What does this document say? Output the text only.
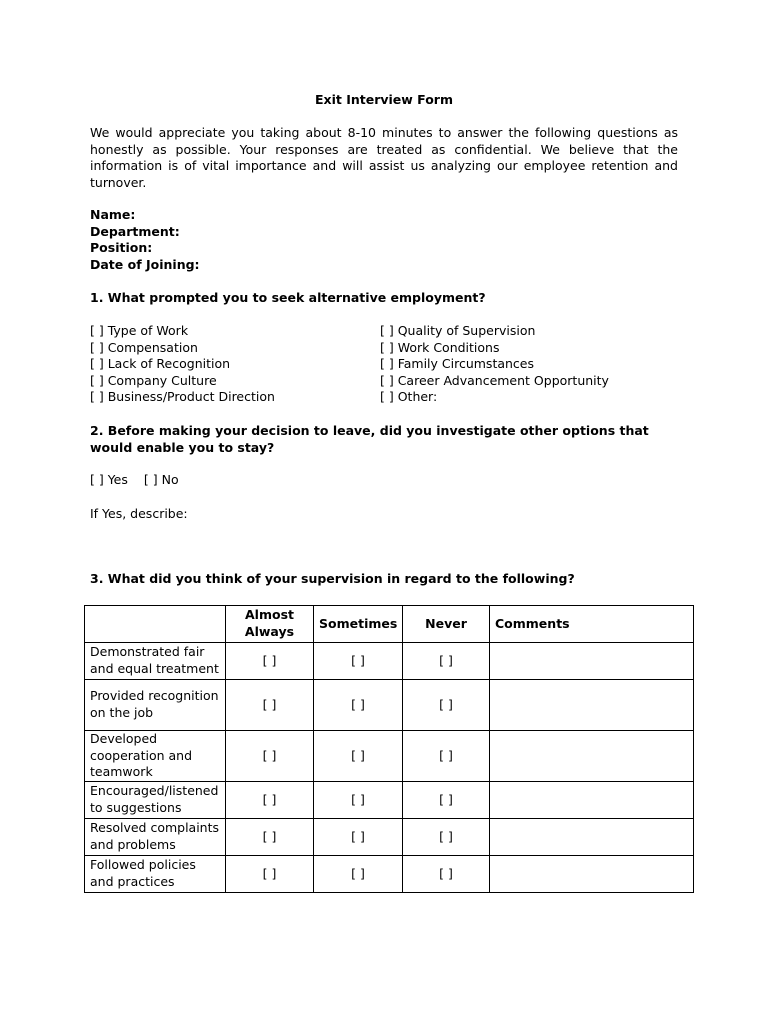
Exit Interview Form

We would appreciate you taking about 8-10 minutes to answer the following questions as honestly as possible. Your responses are treated as confidential. We believe that the information is of vital importance and will assist us analyzing our employee retention and turnover.

Name:
Department:
Position:
Date of Joining:
1. What prompted you to seek alternative employment?
[ ] Type of Work
[ ] Compensation
[ ] Lack of Recognition
[ ] Company Culture
[ ] Business/Product Direction
[ ] Quality of Supervision
[ ] Work Conditions
[ ] Family Circumstances
[ ] Career Advancement Opportunity
[ ] Other:
2. Before making your decision to leave, did you investigate other options that would enable you to stay?
[ ] Yes [ ] No
If Yes, describe:
3. What did you think of your supervision in regard to the following?
	Almost Always	Sometimes	Never	Comments
Demonstrated fair and equal treatment	[ ]	[ ]	[ ]	
Provided recognition on the job	[ ]	[ ]	[ ]	
Developed cooperation and teamwork	[ ]	[ ]	[ ]	
Encouraged/listened to suggestions	[ ]	[ ]	[ ]	
Resolved complaints and problems	[ ]	[ ]	[ ]	
Followed policies and practices	[ ]	[ ]	[ ]	
